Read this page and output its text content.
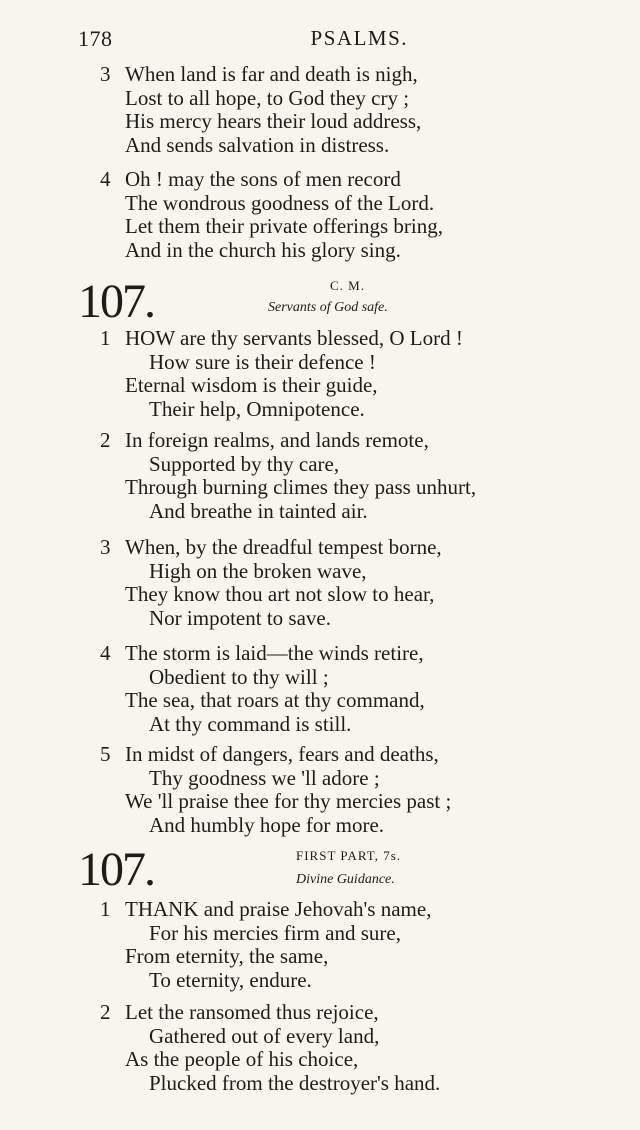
178	PSALMS.
3 When land is far and death is nigh,
Lost to all hope, to God they cry ;
His mercy hears their loud address,
And sends salvation in distress.
4 Oh ! may the sons of men record
The wondrous goodness of the Lord.
Let them their private offerings bring,
And in the church his glory sing.
107.	C. M.
Servants of God safe.
1 HOW are thy servants blessed, O Lord !
How sure is their defence !
Eternal wisdom is their guide,
Their help, Omnipotence.
2 In foreign realms, and lands remote,
Supported by thy care,
Through burning climes they pass unhurt,
And breathe in tainted air.
3 When, by the dreadful tempest borne,
High on the broken wave,
They know thou art not slow to hear,
Nor impotent to save.
4 The storm is laid—the winds retire,
Obedient to thy will ;
The sea, that roars at thy command,
At thy command is still.
5 In midst of dangers, fears and deaths,
Thy goodness we 'll adore ;
We 'll praise thee for thy mercies past ;
And humbly hope for more.
107.	FIRST PART, 7s.
Divine Guidance.
1 THANK and praise Jehovah's name,
For his mercies firm and sure,
From eternity, the same,
To eternity, endure.
2 Let the ransomed thus rejoice,
Gathered out of every land,
As the people of his choice,
Plucked from the destroyer's hand.
